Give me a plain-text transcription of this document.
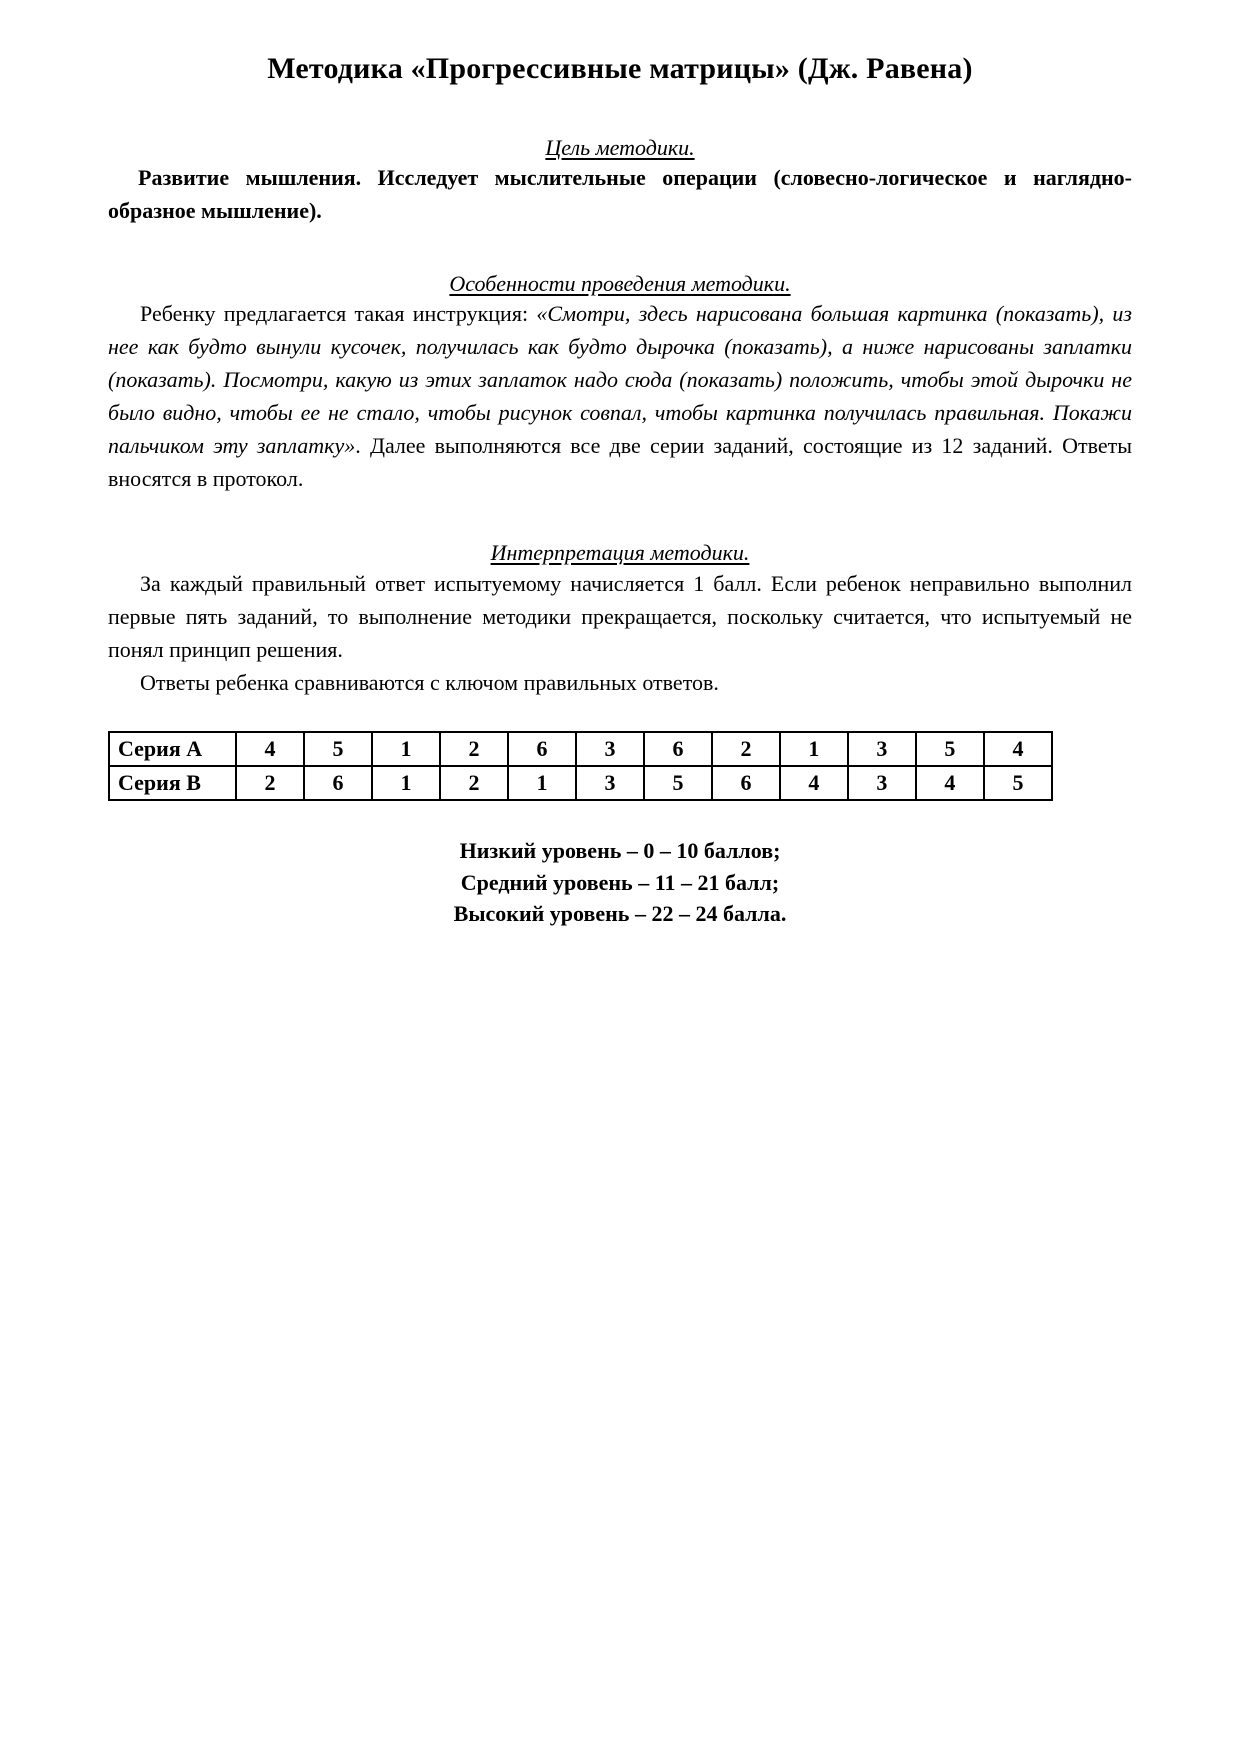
Методика «Прогрессивные матрицы» (Дж. Равена)
Цель методики.

Развитие мышления. Исследует мыслительные операции (словесно-логическое и наглядно-образное мышление).

Особенности проведения методики.

Ребенку предлагается такая инструкция: «Смотри, здесь нарисована большая картинка (показать), из нее как будто вынули кусочек, получилась как будто дырочка (показать), а ниже нарисованы заплатки (показать). Посмотри, какую из этих заплаток надо сюда (показать) положить, чтобы этой дырочки не было видно, чтобы ее не стало, чтобы рисунок совпал, чтобы картинка получилась правильная. Покажи пальчиком эту заплатку». Далее выполняются все две серии заданий, состоящие из 12 заданий. Ответы вносятся в протокол.

Интерпретация методики.

За каждый правильный ответ испытуемому начисляется 1 балл. Если ребенок неправильно выполнил первые пять заданий, то выполнение методики прекращается, поскольку считается, что испытуемый не понял принцип решения.

Ответы ребенка сравниваются с ключом правильных ответов.

Серия А	4	5	1	2	6	3	6	2	1	3	5	4
Серия В	2	6	1	2	1	3	5	6	4	3	4	5
Низкий уровень – 0 – 10 баллов;
Средний уровень – 11 – 21 балл;
Высокий уровень – 22 – 24 балла.
